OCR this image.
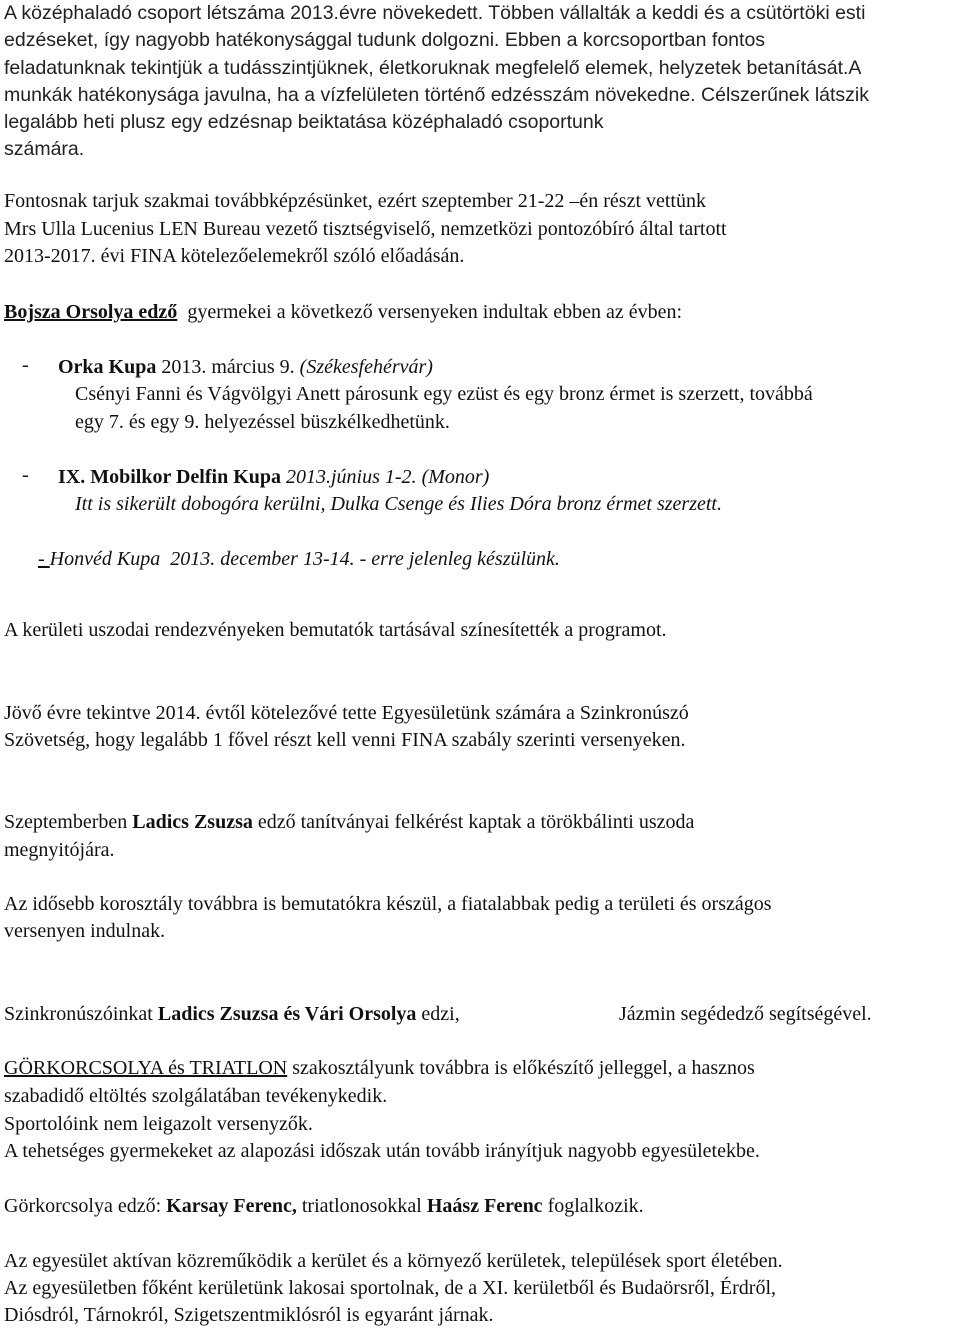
A középhaladó csoport létszáma 2013.évre növekedett. Többen vállalták a keddi és a csütörtöki esti

edzéseket, így nagyobb hatékonysággal tudunk dolgozni. Ebben a korcsoportban fontos

feladatunknak tekintjük a tudásszintjüknek, életkoruknak megfelelő elemek, helyzetek betanítását.A

munkák hatékonysága javulna, ha a vízfelületen történő edzésszám növekedne. Célszerűnek látszik

legalább heti plusz egy edzésnap beiktatása középhaladó csoportunk

számára.

Fontosnak tarjuk szakmai továbbképzésünket, ezért szeptember 21-22 –én részt vettünk

Mrs Ulla Lucenius LEN Bureau vezető tisztségviselő, nemzetközi pontozóbíró által tartott

2013-2017. évi FINA kötelezőelemekről szóló előadásán.

Bojsza Orsolya edző gyermekei a következő versenyeken indultak ebben az évben:

- Orka Kupa 2013. március 9. (Székesfehérvár)

Csényi Fanni és Vágvölgyi Anett párosunk egy ezüst és egy bronz érmet is szerzett, továbbá

egy 7. és egy 9. helyezéssel büszkélkedhetünk.

- IX. Mobilkor Delfin Kupa 2013.június 1-2. (Monor)

Itt is sikerült dobogóra kerülni, Dulka Csenge és Ilies Dóra bronz érmet szerzett.

- Honvéd Kupa 2013. december 13-14. - erre jelenleg készülünk.

A kerületi uszodai rendezvényeken bemutatók tartásával színesítették a programot.

Jövő évre tekintve 2014. évtől kötelezővé tette Egyesületünk számára a Szinkronúszó

Szövetség, hogy legalább 1 fővel részt kell venni FINA szabály szerinti versenyeken.

Szeptemberben Ladics Zsuzsa edző tanítványai felkérést kaptak a törökbálinti uszoda

megnyitójára.

Az idősebb korosztály továbbra is bemutatókra készül, a fiatalabbak pedig a területi és országos

versenyen indulnak.

Szinkronúszóinkat Ladics Zsuzsa és Vári Orsolya edzi,	Jázmin segédedző segítségével.

GÖRKORCSOLYA és TRIATLON szakosztályunk továbbra is előkészítő jelleggel, a hasznos

szabadidő eltöltés szolgálatában tevékenykedik.

Sportolóink nem leigazolt versenyzők.

A tehetséges gyermekeket az alapozási időszak után tovább irányítjuk nagyobb egyesületekbe.

Görkorcsolya edző: Karsay Ferenc, triatlonosokkal Haász Ferenc foglalkozik.

Az egyesület aktívan közreműködik a kerület és a környező kerületek, települések sport életében.

Az egyesületben főként kerületünk lakosai sportolnak, de a XI. kerületből és Budaörsről, Érdről,

Diósdról, Tárnokról, Szigetszentmiklósról is egyaránt járnak.
